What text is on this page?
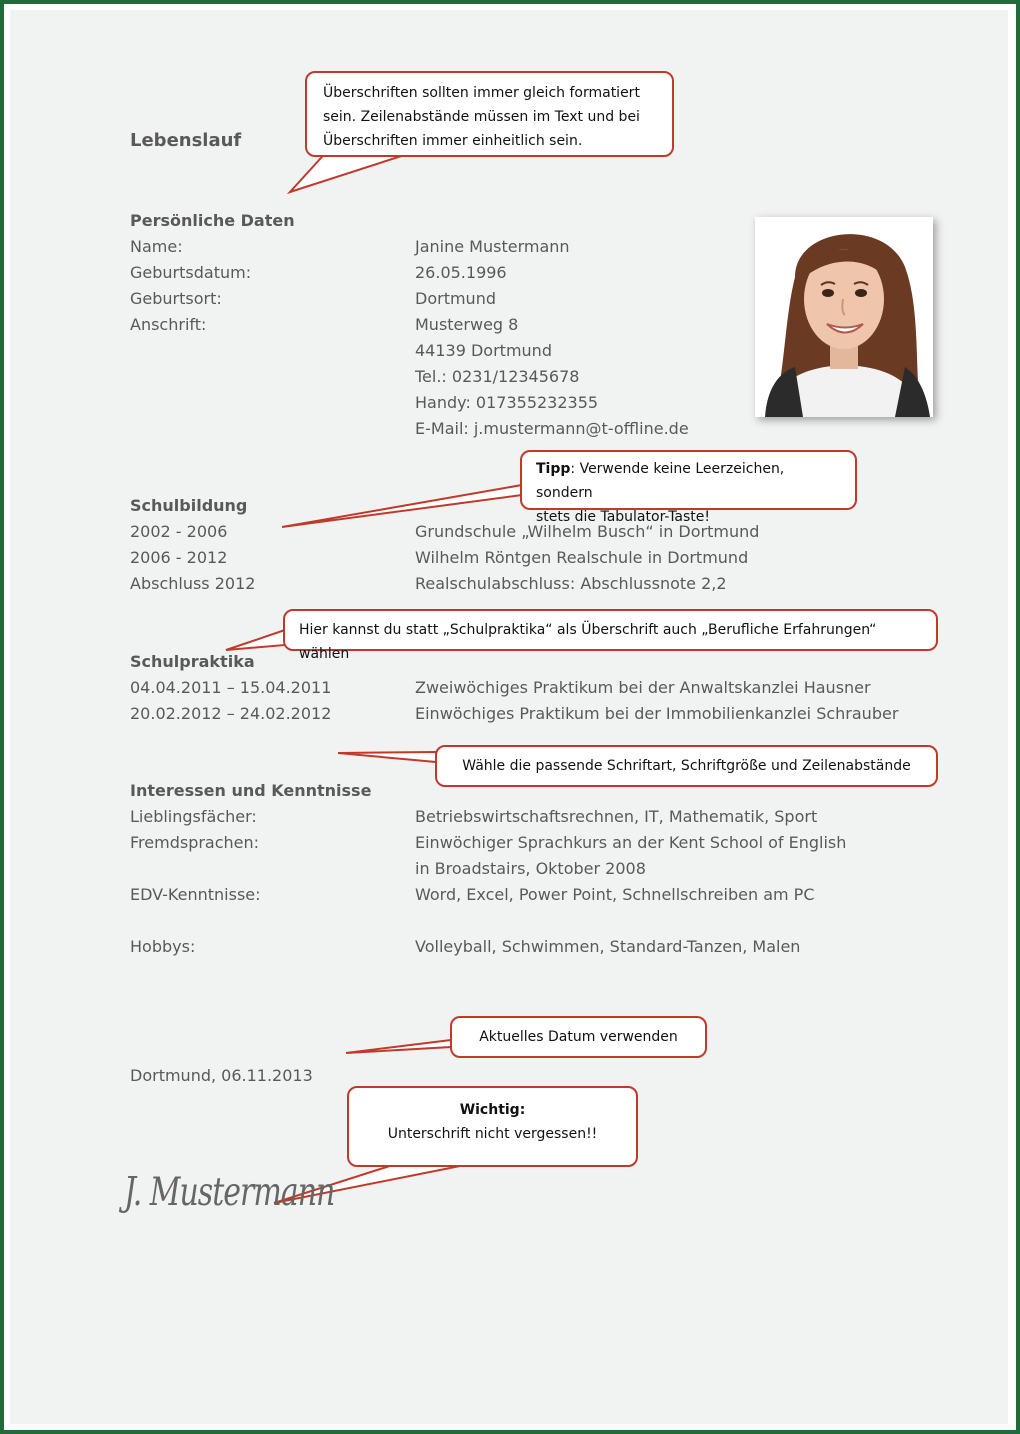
Überschriften sollten immer gleich formatiert
sein. Zeilenabstände müssen im Text und bei
Überschriften immer einheitlich sein.
Tipp: Verwende keine Leerzeichen, sondern
stets die Tabulator-Taste!
Hier kannst du statt „Schulpraktika“ als Überschrift auch „Berufliche Erfahrungen“ wählen
Wähle die passende Schriftart, Schriftgröße und Zeilenabstände
Aktuelles Datum verwenden
Wichtig:
Unterschrift nicht vergessen!!
Lebenslauf
Persönliche Daten
Name:	Janine Mustermann
Geburtsdatum:	26.05.1996
Geburtsort:	Dortmund
Anschrift:	Musterweg 8
44139 Dortmund
Tel.: 0231/12345678
Handy: 017355232355
E-Mail: j.mustermann@t-offline.de
Schulbildung
2002 - 2006	Grundschule „Wilhelm Busch“ in Dortmund
2006 - 2012	Wilhelm Röntgen Realschule in Dortmund
Abschluss 2012	Realschulabschluss: Abschlussnote 2,2
Schulpraktika
04.04.2011 – 15.04.2011	Zweiwöchiges Praktikum bei der Anwaltskanzlei Hausner
20.02.2012 – 24.02.2012	Einwöchiges Praktikum bei der Immobilienkanzlei Schrauber
Interessen und Kenntnisse
Lieblingsfächer:	Betriebswirtschaftsrechnen, IT, Mathematik, Sport
Fremdsprachen:	Einwöchiger Sprachkurs an der Kent School of English
in Broadstairs, Oktober 2008
EDV-Kenntnisse:	Word, Excel, Power Point, Schnellschreiben am PC
Hobbys:	Volleyball, Schwimmen, Standard-Tanzen, Malen
Dortmund, 06.11.2013
J. Mustermann
